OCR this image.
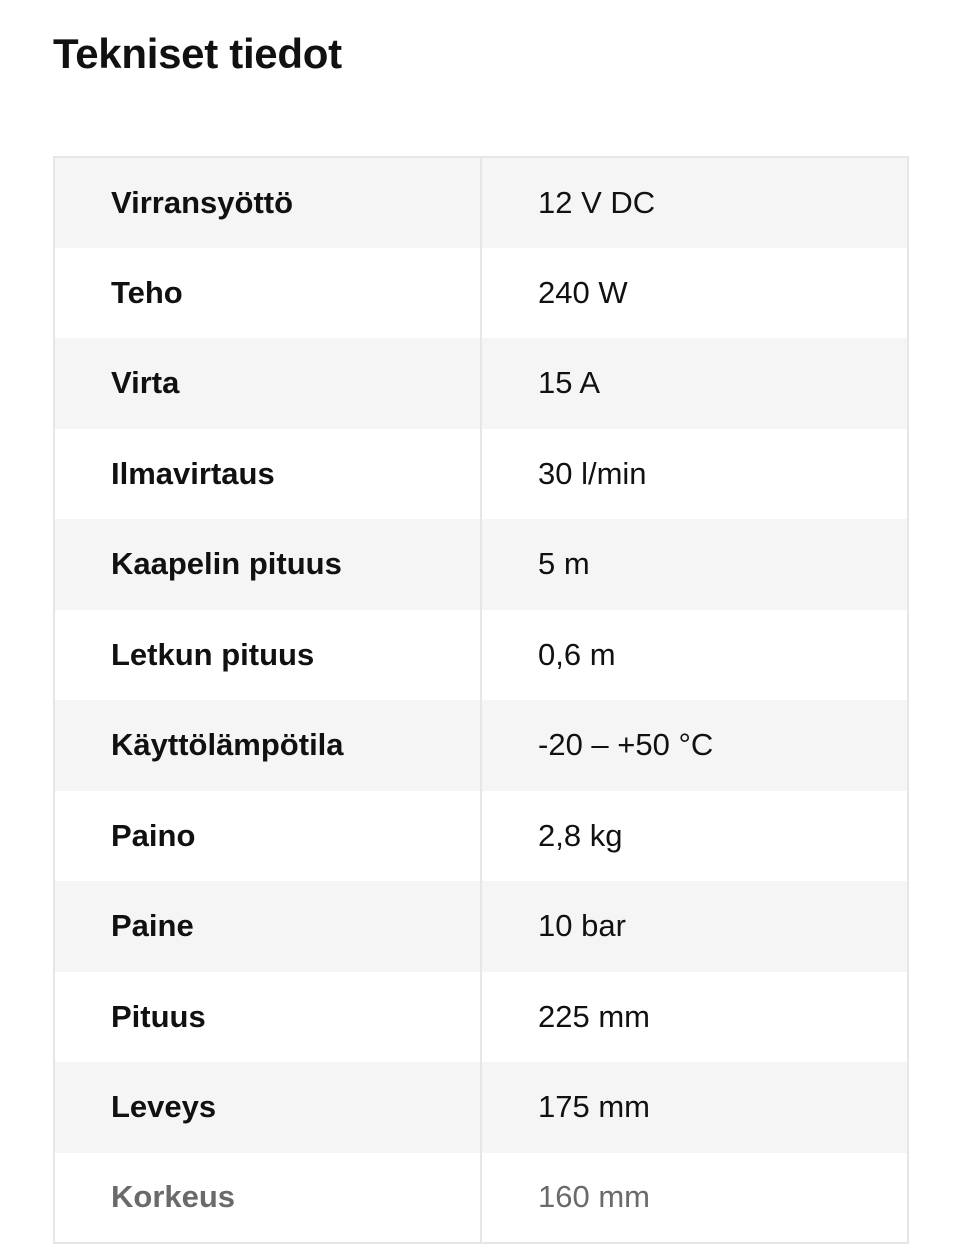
Tekniset tiedot
Virransyöttö	12 V DC
Teho	240 W
Virta	15 A
Ilmavirtaus	30 l/min
Kaapelin pituus	5 m
Letkun pituus	0,6 m
Käyttölämpötila	-20 – +50 °C
Paino	2,8 kg
Paine	10 bar
Pituus	225 mm
Leveys	175 mm
Korkeus	160 mm
